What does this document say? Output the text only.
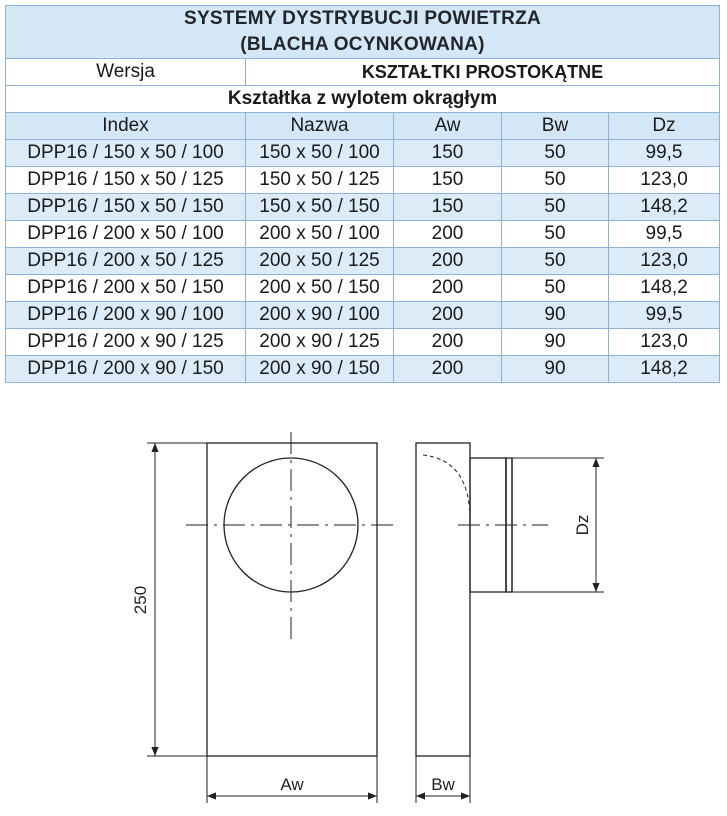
SYSTEMY DYSTRYBUCJI POWIETRZA
(BLACHA OCYNKOWANA)				

Wersja	KSZTAŁTKI PROSTOKĄTNE			
Kształtka z wylotem okrągłym				
Index	Nazwa	Aw	Bw	Dz
DPP16 / 150 x 50 / 100	150 x 50 / 100	150	50	99,5
DPP16 / 150 x 50 / 125	150 x 50 / 125	150	50	123,0
DPP16 / 150 x 50 / 150	150 x 50 / 150	150	50	148,2
DPP16 / 200 x 50 / 100	200 x 50 / 100	200	50	99,5
DPP16 / 200 x 50 / 125	200 x 50 / 125	200	50	123,0
DPP16 / 200 x 50 / 150	200 x 50 / 150	200	50	148,2
DPP16 / 200 x 90 / 100	200 x 90 / 100	200	90	99,5
DPP16 / 200 x 90 / 125	200 x 90 / 125	200	90	123,0
DPP16 / 200 x 90 / 150	200 x 90 / 150	200	90	148,2
250
Aw
Dz
Bw
